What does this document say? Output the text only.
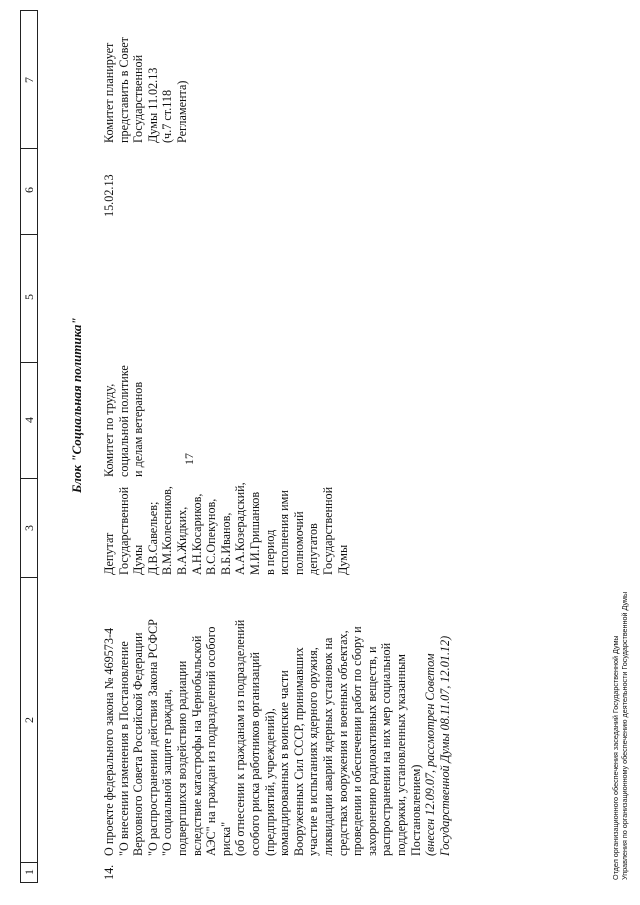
17
1
2
3
4
5
6
7
Блок "Социальная политика"
14.
О проекте федерального закона № 469573-4 "О внесении изменения в Постановление Верховного Совета Российской Федерации "О распространении действия Закона РСФСР "О социальной защите граждан, подвергшихся воздействию радиации вследствие катастрофы на Чернобыльской АЭС" на граждан из подразделений особого риска" (об отнесении к гражданам из подразделений особого риска работников организаций (предприятий, учреждений), командированных в воинские части Вооруженных Сил СССР, принимавших участие в испытаниях ядерного оружия, ликвидации аварий ядерных установок на средствах вооружения и военных объектах, проведении и обеспечении работ по сбору и захоронению радиоактивных веществ, и распространении на них мер социальной поддержки, установленных указанным Постановлением) (внесен 12.09.07, рассмотрен Советом Государственной Думы 08.11.07, 12.01.12)
Депутат Государственной Думы Д.В.Савельев; В.М.Колесников, В.А.Жидких, А.Н.Косариков, В.С.Опекунов, В.Б.Иванов, А.А.Козерадский, М.И.Гришанков в период исполнения ими полномочий депутатов Государственной Думы
Комитет по труду, социальной политике и делам ветеранов
15.02.13
Комитет планирует представить в Совет Государственной Думы 11.02.13 (ч.7 ст.118 Регламента)
Отдел организационного обеспечения заседаний Государственной Думы Управления по организационному обеспечению деятельности Государственной Думы
